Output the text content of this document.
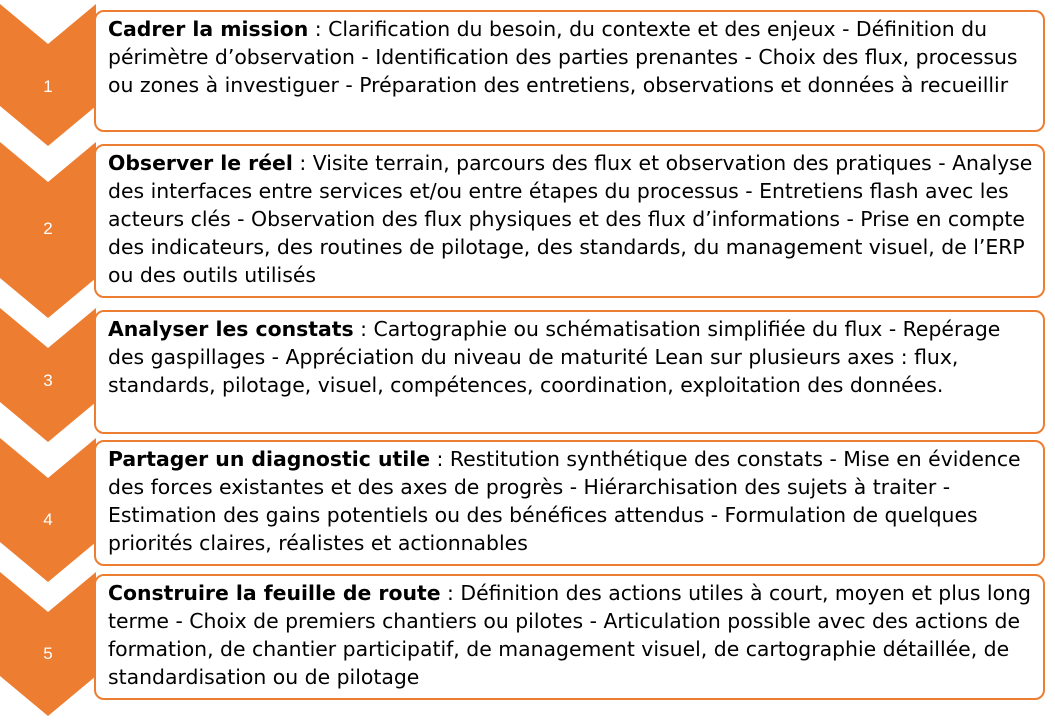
1
Cadrer la mission : Clarification du besoin, du contexte et des enjeux - Définition du périmètre d’observation - Identification des parties prenantes - Choix des flux, processus ou zones à investiguer - Préparation des entretiens, observations et données à recueillir
2
Observer le réel : Visite terrain, parcours des flux et observation des pratiques - Analyse des interfaces entre services et/ou entre étapes du processus - Entretiens flash avec les acteurs clés - Observation des flux physiques et des flux d’informations - Prise en compte des indicateurs, des routines de pilotage, des standards, du management visuel, de l’ERP ou des outils utilisés
3
Analyser les constats : Cartographie ou schématisation simplifiée du flux - Repérage des gaspillages - Appréciation du niveau de maturité Lean sur plusieurs axes : flux, standards, pilotage, visuel, compétences, coordination, exploitation des données.
4
Partager un diagnostic utile : Restitution synthétique des constats - Mise en évidence des forces existantes et des axes de progrès - Hiérarchisation des sujets à traiter - Estimation des gains potentiels ou des bénéfices attendus - Formulation de quelques priorités claires, réalistes et actionnables
5
Construire la feuille de route : Définition des actions utiles à court, moyen et plus long terme - Choix de premiers chantiers ou pilotes - Articulation possible avec des actions de formation, de chantier participatif, de management visuel, de cartographie détaillée, de standardisation ou de pilotage
